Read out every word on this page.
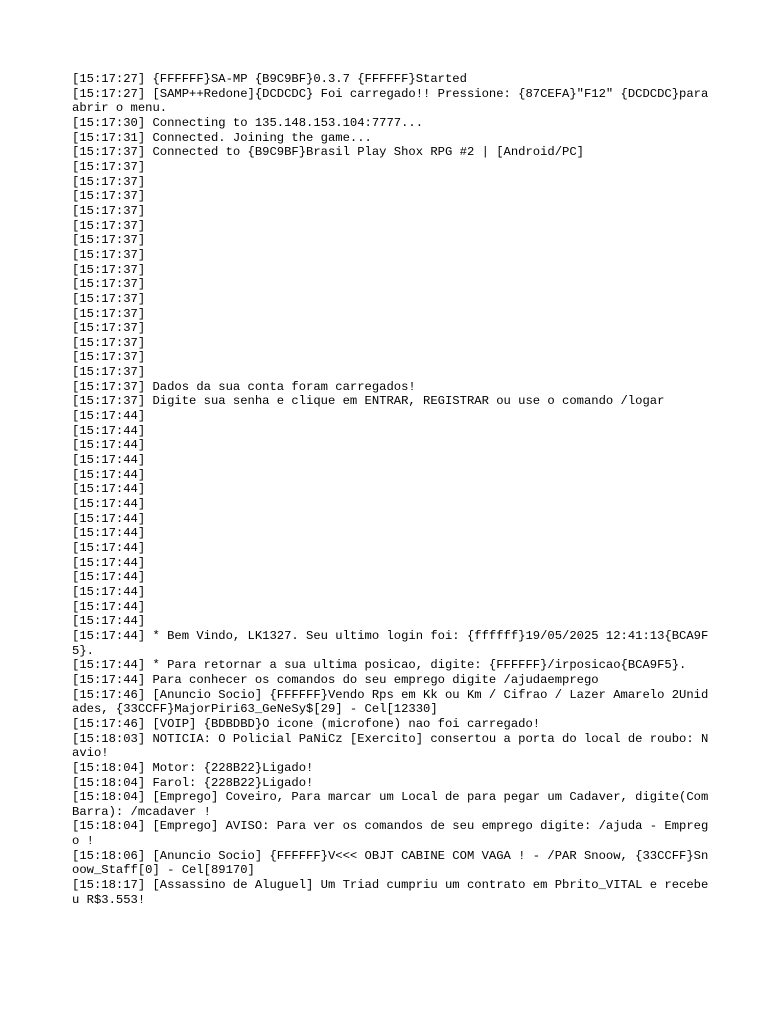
[15:17:27] {FFFFFF}SA-MP {B9C9BF}0.3.7 {FFFFFF}Started
[15:17:27] [SAMP++Redone]{DCDCDC} Foi carregado!! Pressione: {87CEFA}"F12" {DCDCDC}para abrir o menu.
[15:17:30] Connecting to 135.148.153.104:7777...
[15:17:31] Connected. Joining the game...
[15:17:37] Connected to {B9C9BF}Brasil Play Shox RPG #2 | [Android/PC]
[15:17:37]
[15:17:37]
[15:17:37]
[15:17:37]
[15:17:37]
[15:17:37]
[15:17:37]
[15:17:37]
[15:17:37]
[15:17:37]
[15:17:37]
[15:17:37]
[15:17:37]
[15:17:37]
[15:17:37]
[15:17:37] Dados da sua conta foram carregados!
[15:17:37] Digite sua senha e clique em ENTRAR, REGISTRAR ou use o comando /logar
[15:17:44]
[15:17:44]
[15:17:44]
[15:17:44]
[15:17:44]
[15:17:44]
[15:17:44]
[15:17:44]
[15:17:44]
[15:17:44]
[15:17:44]
[15:17:44]
[15:17:44]
[15:17:44]
[15:17:44]
[15:17:44] * Bem Vindo, LK1327. Seu ultimo login foi: {ffffff}19/05/2025 12:41:13{BCA9F5}.
[15:17:44] * Para retornar a sua ultima posicao, digite: {FFFFFF}/irposicao{BCA9F5}.
[15:17:44] Para conhecer os comandos do seu emprego digite /ajudaemprego
[15:17:46] [Anuncio Socio] {FFFFFF}Vendo Rps em Kk ou Km / Cifrao / Lazer Amarelo 2Unidades, {33CCFF}MajorPiri63_GeNeSy$[29] - Cel[12330]
[15:17:46] [VOIP] {BDBDBD}O icone (microfone) nao foi carregado!
[15:18:03] NOTICIA: O Policial PaNiCz [Exercito] consertou a porta do local de roubo: Navio!
[15:18:04] Motor: {228B22}Ligado!
[15:18:04] Farol: {228B22}Ligado!
[15:18:04] [Emprego] Coveiro, Para marcar um Local de para pegar um Cadaver, digite(Com Barra): /mcadaver !
[15:18:04] [Emprego] AVISO: Para ver os comandos de seu emprego digite: /ajuda - Emprego !
[15:18:06] [Anuncio Socio] {FFFFFF}V<<< OBJT CABINE COM VAGA ! - /PAR Snoow, {33CCFF}Snoow_Staff[0] - Cel[89170]
[15:18:17] [Assassino de Aluguel] Um Triad cumpriu um contrato em Pbrito_VITAL e recebeu R$3.553!
